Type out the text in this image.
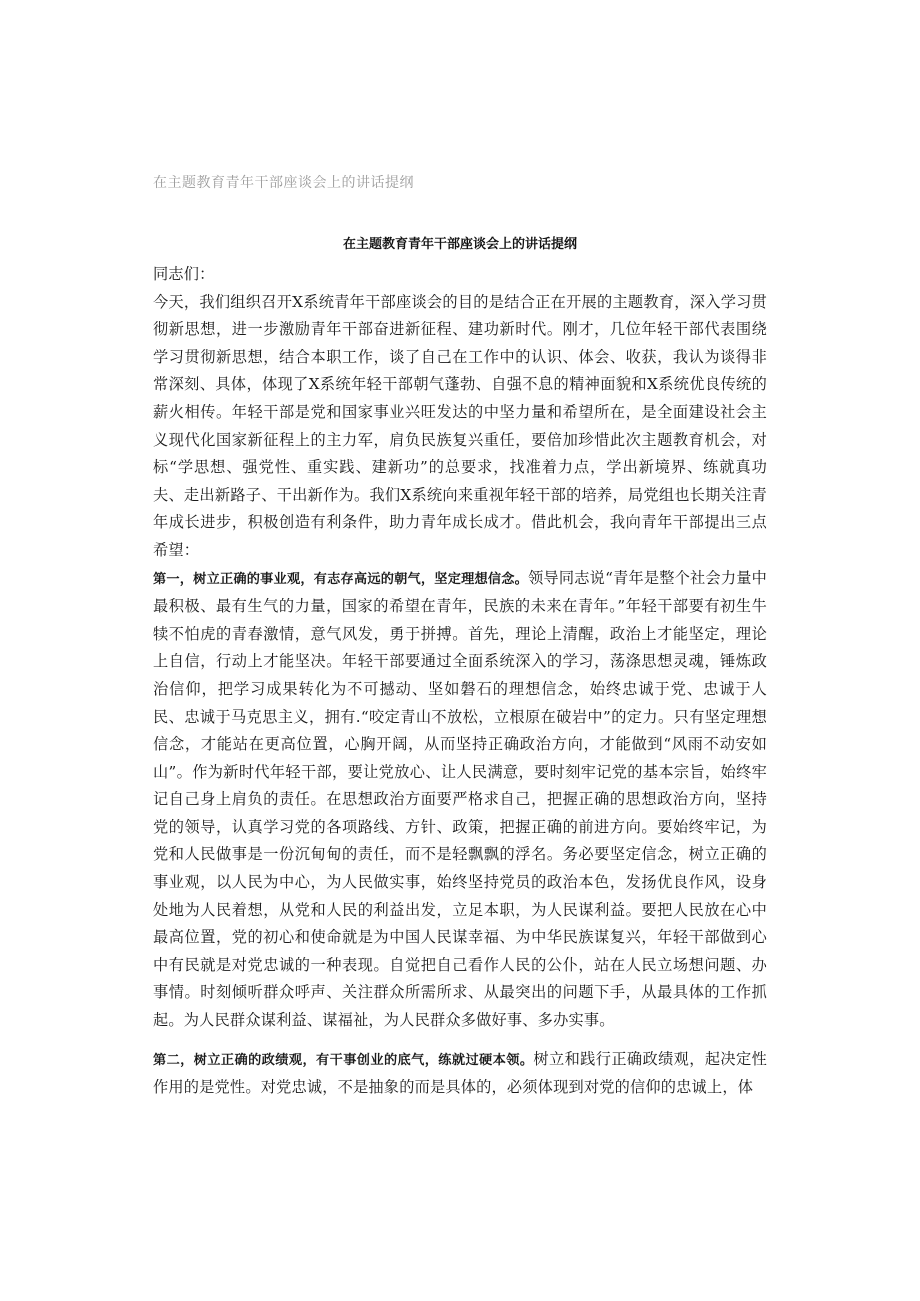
在主题教育青年干部座谈会上的讲话提纲
在主题教育青年干部座谈会上的讲话提纲

同志们：

今天，我们组织召开X系统青年干部座谈会的目的是结合正在开展的主题教育，深入学习贯彻新思想，进一步激励青年干部奋进新征程、建功新时代。刚才，几位年轻干部代表围绕学习贯彻新思想，结合本职工作，谈了自己在工作中的认识、体会、收获，我认为谈得非常深刻、具体，体现了X系统年轻干部朝气蓬勃、自强不息的精神面貌和X系统优良传统的薪火相传。年轻干部是党和国家事业兴旺发达的中坚力量和希望所在，是全面建设社会主义现代化国家新征程上的主力军，肩负民族复兴重任，要倍加珍惜此次主题教育机会，对标“学思想、强党性、重实践、建新功”的总要求，找准着力点，学出新境界、练就真功夫、走出新路子、干出新作为。我们X系统向来重视年轻干部的培养，局党组也长期关注青年成长进步，积极创造有利条件，助力青年成长成才。借此机会，我向青年干部提出三点希望：

第一，树立正确的事业观，有志存高远的朝气，坚定理想信念。领导同志说“青年是整个社会力量中最积极、最有生气的力量，国家的希望在青年，民族的未来在青年。”年轻干部要有初生牛犊不怕虎的青春激情，意气风发，勇于拼搏。首先，理论上清醒，政治上才能坚定，理论上自信，行动上才能坚决。年轻干部要通过全面系统深入的学习，荡涤思想灵魂，锤炼政治信仰，把学习成果转化为不可撼动、坚如磐石的理想信念，始终忠诚于党、忠诚于人民、忠诚于马克思主义，拥有.“咬定青山不放松，立根原在破岩中”的定力。只有坚定理想信念，才能站在更高位置，心胸开阔，从而坚持正确政治方向，才能做到“风雨不动安如山”。作为新时代年轻干部，要让党放心、让人民满意，要时刻牢记党的基本宗旨，始终牢记自己身上肩负的责任。在思想政治方面要严格求自己，把握正确的思想政治方向，坚持党的领导，认真学习党的各项路线、方针、政策，把握正确的前进方向。要始终牢记，为党和人民做事是一份沉甸甸的责任，而不是轻飘飘的浮名。务必要坚定信念，树立正确的事业观，以人民为中心，为人民做实事，始终坚持党员的政治本色，发扬优良作风，设身处地为人民着想，从党和人民的利益出发，立足本职，为人民谋利益。要把人民放在心中最高位置，党的初心和使命就是为中国人民谋幸福、为中华民族谋复兴，年轻干部做到心中有民就是对党忠诚的一种表现。自觉把自己看作人民的公仆，站在人民立场想问题、办事情。时刻倾听群众呼声、关注群众所需所求、从最突出的问题下手，从最具体的工作抓起。为人民群众谋利益、谋福祉，为人民群众多做好事、多办实事。

第二，树立正确的政绩观，有干事创业的底气，练就过硬本领。树立和践行正确政绩观，起决定性作用的是党性。对党忠诚，不是抽象的而是具体的，必须体现到对党的信仰的忠诚上，体
